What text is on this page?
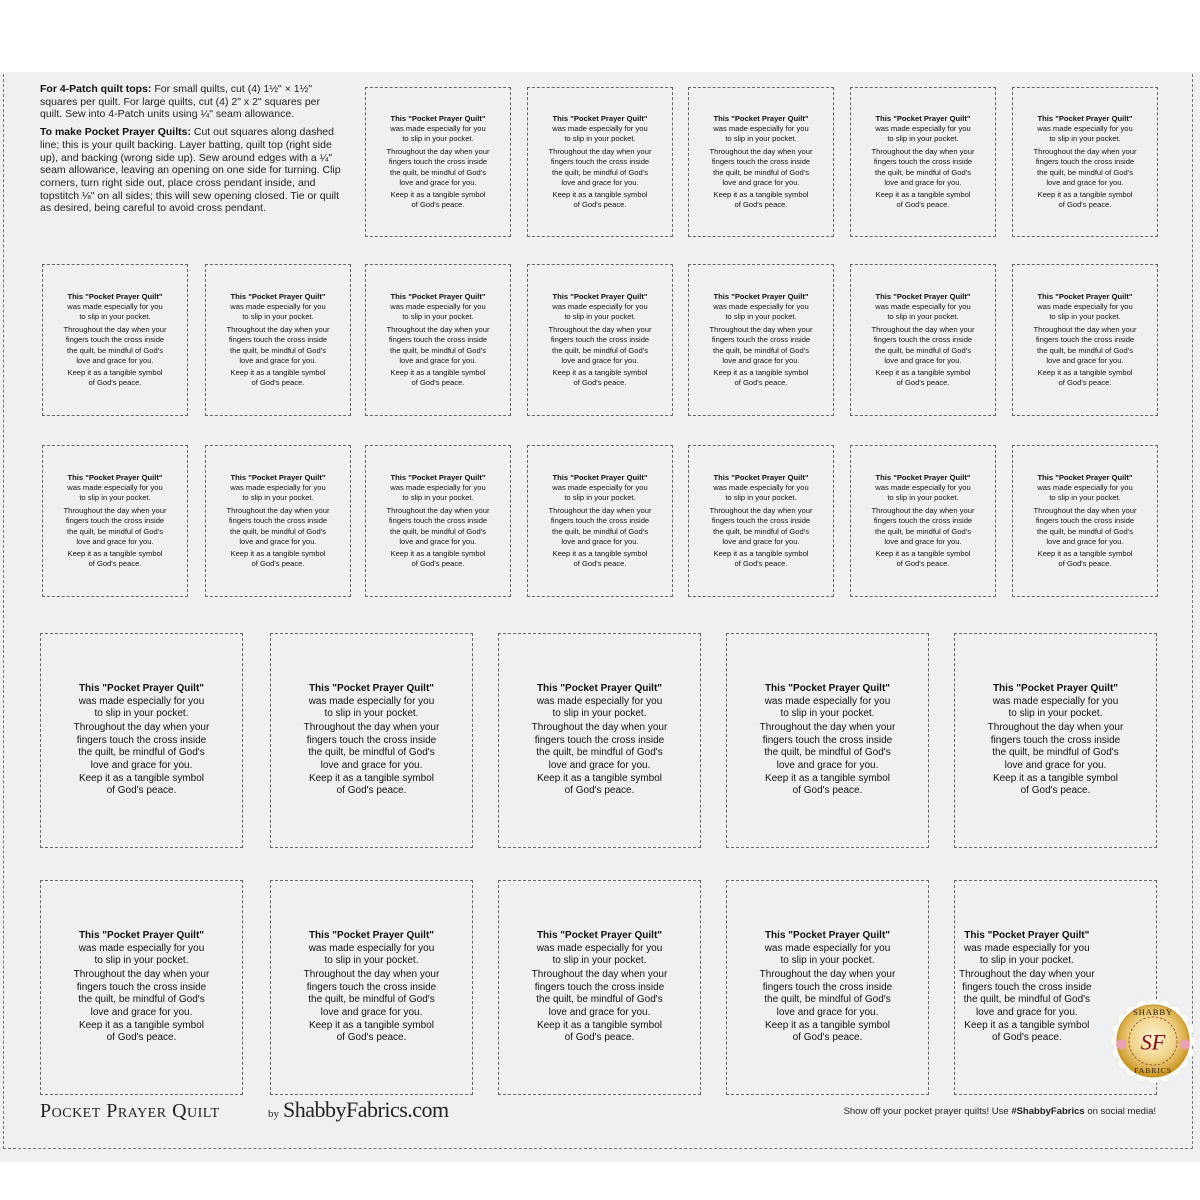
For 4-Patch quilt tops: For small quilts, cut (4) 1½" × 1½" squares per quilt. For large quilts, cut (4) 2" x 2" squares per quilt. Sew into 4-Patch units using ¼" seam allowance.

To make Pocket Prayer Quilts: Cut out squares along dashed line; this is your quilt backing. Layer batting, quilt top (right side up), and backing (wrong side up). Sew around edges with a ¼" seam allowance, leaving an opening on one side for turning. Clip corners, turn right side out, place cross pendant inside, and topstitch ⅛" on all sides; this will sew opening closed. Tie or quilt as desired, being careful to avoid cross pendant.

This "Pocket Prayer Quilt"
was made especially for you
to slip in your pocket.
Throughout the day when your
fingers touch the cross inside
the quilt, be mindful of God's
love and grace for you.
Keep it as a tangible symbol
of God's peace.
This "Pocket Prayer Quilt"
was made especially for you
to slip in your pocket.
Throughout the day when your
fingers touch the cross inside
the quilt, be mindful of God's
love and grace for you.
Keep it as a tangible symbol
of God's peace.
This "Pocket Prayer Quilt"
was made especially for you
to slip in your pocket.
Throughout the day when your
fingers touch the cross inside
the quilt, be mindful of God's
love and grace for you.
Keep it as a tangible symbol
of God's peace.
This "Pocket Prayer Quilt"
was made especially for you
to slip in your pocket.
Throughout the day when your
fingers touch the cross inside
the quilt, be mindful of God's
love and grace for you.
Keep it as a tangible symbol
of God's peace.
This "Pocket Prayer Quilt"
was made especially for you
to slip in your pocket.
Throughout the day when your
fingers touch the cross inside
the quilt, be mindful of God's
love and grace for you.
Keep it as a tangible symbol
of God's peace.
This "Pocket Prayer Quilt"
was made especially for you
to slip in your pocket.
Throughout the day when your
fingers touch the cross inside
the quilt, be mindful of God's
love and grace for you.
Keep it as a tangible symbol
of God's peace.
This "Pocket Prayer Quilt"
was made especially for you
to slip in your pocket.
Throughout the day when your
fingers touch the cross inside
the quilt, be mindful of God's
love and grace for you.
Keep it as a tangible symbol
of God's peace.
This "Pocket Prayer Quilt"
was made especially for you
to slip in your pocket.
Throughout the day when your
fingers touch the cross inside
the quilt, be mindful of God's
love and grace for you.
Keep it as a tangible symbol
of God's peace.
This "Pocket Prayer Quilt"
was made especially for you
to slip in your pocket.
Throughout the day when your
fingers touch the cross inside
the quilt, be mindful of God's
love and grace for you.
Keep it as a tangible symbol
of God's peace.
This "Pocket Prayer Quilt"
was made especially for you
to slip in your pocket.
Throughout the day when your
fingers touch the cross inside
the quilt, be mindful of God's
love and grace for you.
Keep it as a tangible symbol
of God's peace.
This "Pocket Prayer Quilt"
was made especially for you
to slip in your pocket.
Throughout the day when your
fingers touch the cross inside
the quilt, be mindful of God's
love and grace for you.
Keep it as a tangible symbol
of God's peace.
This "Pocket Prayer Quilt"
was made especially for you
to slip in your pocket.
Throughout the day when your
fingers touch the cross inside
the quilt, be mindful of God's
love and grace for you.
Keep it as a tangible symbol
of God's peace.
This "Pocket Prayer Quilt"
was made especially for you
to slip in your pocket.
Throughout the day when your
fingers touch the cross inside
the quilt, be mindful of God's
love and grace for you.
Keep it as a tangible symbol
of God's peace.
This "Pocket Prayer Quilt"
was made especially for you
to slip in your pocket.
Throughout the day when your
fingers touch the cross inside
the quilt, be mindful of God's
love and grace for you.
Keep it as a tangible symbol
of God's peace.
This "Pocket Prayer Quilt"
was made especially for you
to slip in your pocket.
Throughout the day when your
fingers touch the cross inside
the quilt, be mindful of God's
love and grace for you.
Keep it as a tangible symbol
of God's peace.
This "Pocket Prayer Quilt"
was made especially for you
to slip in your pocket.
Throughout the day when your
fingers touch the cross inside
the quilt, be mindful of God's
love and grace for you.
Keep it as a tangible symbol
of God's peace.
This "Pocket Prayer Quilt"
was made especially for you
to slip in your pocket.
Throughout the day when your
fingers touch the cross inside
the quilt, be mindful of God's
love and grace for you.
Keep it as a tangible symbol
of God's peace.
This "Pocket Prayer Quilt"
was made especially for you
to slip in your pocket.
Throughout the day when your
fingers touch the cross inside
the quilt, be mindful of God's
love and grace for you.
Keep it as a tangible symbol
of God's peace.
This "Pocket Prayer Quilt"
was made especially for you
to slip in your pocket.
Throughout the day when your
fingers touch the cross inside
the quilt, be mindful of God's
love and grace for you.
Keep it as a tangible symbol
of God's peace.
This "Pocket Prayer Quilt"
was made especially for you
to slip in your pocket.
Throughout the day when your
fingers touch the cross inside
the quilt, be mindful of God's
love and grace for you.
Keep it as a tangible symbol
of God's peace.
This "Pocket Prayer Quilt"
was made especially for you
to slip in your pocket.
Throughout the day when your
fingers touch the cross inside
the quilt, be mindful of God's
love and grace for you.
Keep it as a tangible symbol
of God's peace.
This "Pocket Prayer Quilt"
was made especially for you
to slip in your pocket.
Throughout the day when your
fingers touch the cross inside
the quilt, be mindful of God's
love and grace for you.
Keep it as a tangible symbol
of God's peace.
This "Pocket Prayer Quilt"
was made especially for you
to slip in your pocket.
Throughout the day when your
fingers touch the cross inside
the quilt, be mindful of God's
love and grace for you.
Keep it as a tangible symbol
of God's peace.
This "Pocket Prayer Quilt"
was made especially for you
to slip in your pocket.
Throughout the day when your
fingers touch the cross inside
the quilt, be mindful of God's
love and grace for you.
Keep it as a tangible symbol
of God's peace.
This "Pocket Prayer Quilt"
was made especially for you
to slip in your pocket.
Throughout the day when your
fingers touch the cross inside
the quilt, be mindful of God's
love and grace for you.
Keep it as a tangible symbol
of God's peace.
This "Pocket Prayer Quilt"
was made especially for you
to slip in your pocket.
Throughout the day when your
fingers touch the cross inside
the quilt, be mindful of God's
love and grace for you.
Keep it as a tangible symbol
of God's peace.
This "Pocket Prayer Quilt"
was made especially for you
to slip in your pocket.
Throughout the day when your
fingers touch the cross inside
the quilt, be mindful of God's
love and grace for you.
Keep it as a tangible symbol
of God's peace.
This "Pocket Prayer Quilt"
was made especially for you
to slip in your pocket.
Throughout the day when your
fingers touch the cross inside
the quilt, be mindful of God's
love and grace for you.
Keep it as a tangible symbol
of God's peace.
This "Pocket Prayer Quilt"
was made especially for you
to slip in your pocket.
Throughout the day when your
fingers touch the cross inside
the quilt, be mindful of God's
love and grace for you.
Keep it as a tangible symbol
of God's peace.
Pocket Prayer Quilt	by ShabbyFabrics.com	Show off your pocket prayer quilts! Use #ShabbyFabrics on social media!
SHABBY
SF
FABRICS
